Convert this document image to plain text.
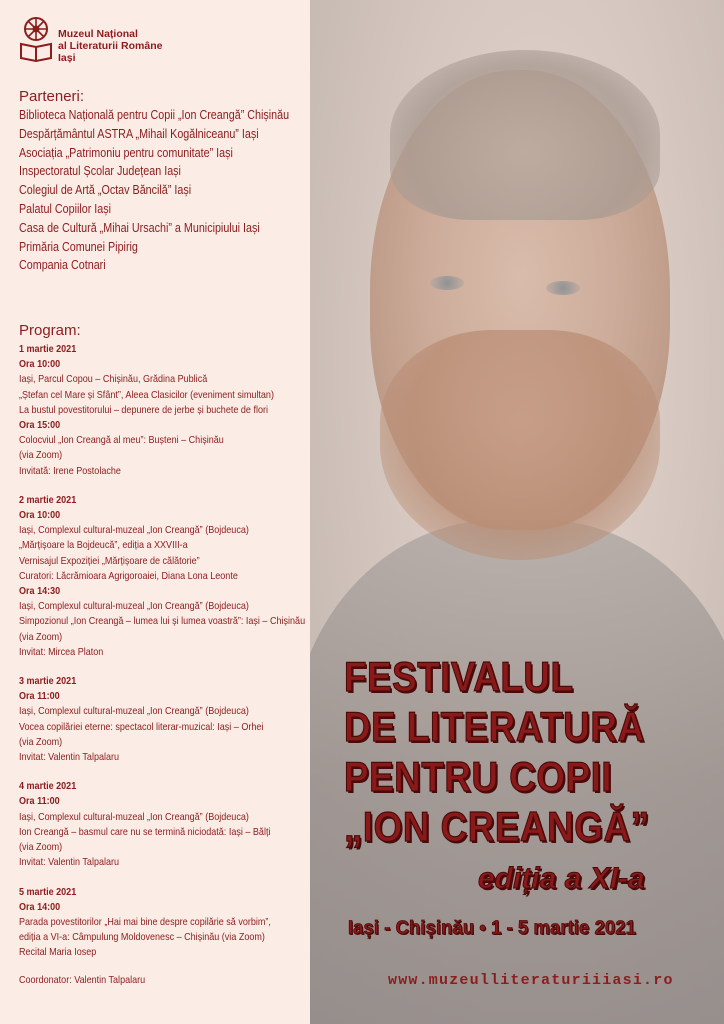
Muzeul Național
al Literaturii Române
Iași
Parteneri:
Biblioteca Națională pentru Copii „Ion Creangă” Chișinău
Despărțământul ASTRA „Mihail Kogălniceanu” Iași
Asociația „Patrimoniu pentru comunitate” Iași
Inspectoratul Școlar Județean Iași
Colegiul de Artă „Octav Băncilă” Iași
Palatul Copiilor Iași
Casa de Cultură „Mihai Ursachi” a Municipiului Iași
Primăria Comunei Pipirig
Compania Cotnari
Program:
1 martie 2021
Ora 10:00
Iași, Parcul Copou – Chișinău, Grădina Publică
„Ștefan cel Mare și Sfânt”, Aleea Clasicilor (eveniment simultan)
La bustul povestitorului – depunere de jerbe și buchete de flori
Ora 15:00
Colocviul „Ion Creangă al meu”: Bușteni – Chișinău
(via Zoom)
Invitată: Irene Postolache
2 martie 2021
Ora 10:00
Iași, Complexul cultural-muzeal „Ion Creangă” (Bojdeuca)
„Mărțișoare la Bojdeucă”, ediția a XXVIII-a
Vernisajul Expoziției „Mărțișoare de călătorie”
Curatori: Lăcrămioara Agrigoroaiei, Diana Lona Leonte
Ora 14:30
Iași, Complexul cultural-muzeal „Ion Creangă” (Bojdeuca)
Simpozionul „Ion Creangă – lumea lui și lumea voastră”: Iași – Chișinău
(via Zoom)
Invitat: Mircea Platon
3 martie 2021
Ora 11:00
Iași, Complexul cultural-muzeal „Ion Creangă” (Bojdeuca)
Vocea copilăriei eterne: spectacol literar-muzical: Iași – Orhei
(via Zoom)
Invitat: Valentin Talpalaru
4 martie 2021
Ora 11:00
Iași, Complexul cultural-muzeal „Ion Creangă” (Bojdeuca)
Ion Creangă – basmul care nu se termină niciodată: Iași – Bălți
(via Zoom)
Invitat: Valentin Talpalaru
5 martie 2021
Ora 14:00
Parada povestitorilor „Hai mai bine despre copilărie să vorbim”,
ediția a VI-a: Câmpulung Moldovenesc – Chișinău (via Zoom)
Recital Maria Iosep
Coordonator: Valentin Talpalaru
FESTIVALUL
DE LITERATURĂ
PENTRU COPII
„ION CREANGĂ”
ediția a XI-a
Iași - Chișinău • 1 - 5 martie 2021
www.muzeulliteraturiiiasi.ro
